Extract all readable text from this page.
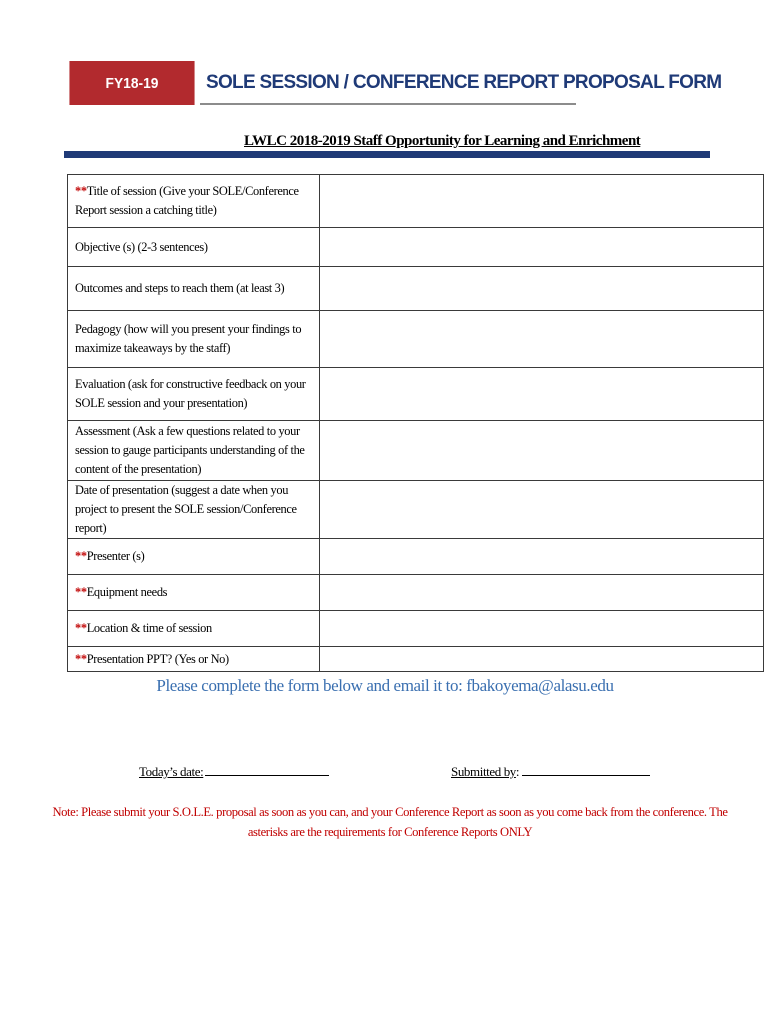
FY18-19	SOLE SESSION / CONFERENCE REPORT PROPOSAL FORM
LWLC 2018-2019 Staff Opportunity for Learning and Enrichment
**Title of session (Give your SOLE/Conference Report session a catching title)	
Objective (s) (2-3 sentences)	
Outcomes and steps to reach them (at least 3)	
Pedagogy (how will you present your findings to maximize takeaways by the staff)	
Evaluation (ask for constructive feedback on your SOLE session and your presentation)	
Assessment (Ask a few questions related to your session to gauge participants understanding of the content of the presentation)	
Date of presentation (suggest a date when you project to present the SOLE session/Conference report)	
**Presenter (s)	
**Equipment needs	
**Location & time of session	
**Presentation PPT? (Yes or No)	
Please complete the form below and email it to: fbakoyema@alasu.edu
Today’s date:	Submitted by:
Note: Please submit your S.O.L.E. proposal as soon as you can, and your Conference Report as soon as you come back from the conference. The asterisks are the requirements for Conference Reports ONLY
